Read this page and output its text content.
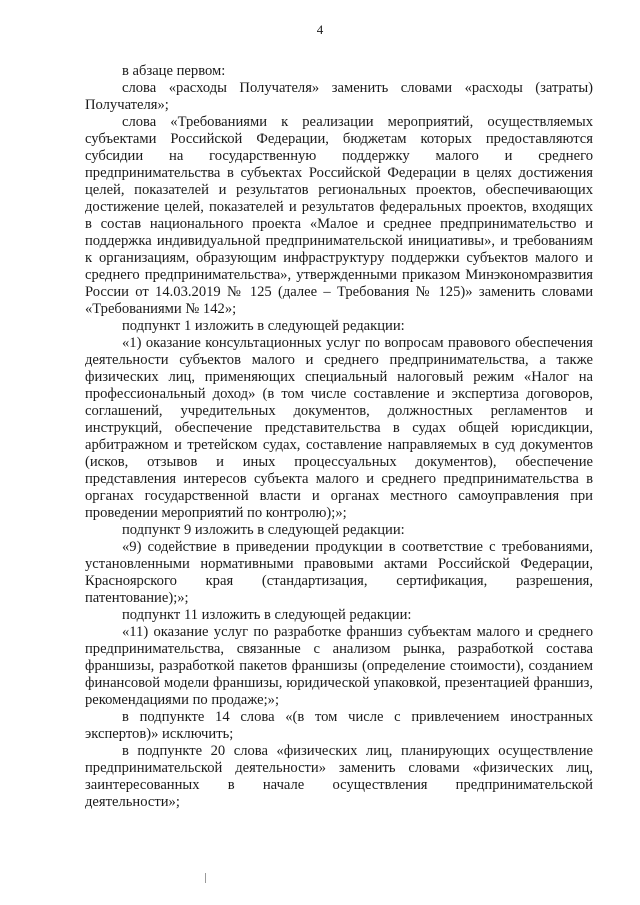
4

в абзаце первом:

слова «расходы Получателя» заменить словами «расходы (затраты) Получателя»;

слова «Требованиями к реализации мероприятий, осуществляемых субъектами Российской Федерации, бюджетам которых предоставляются субсидии на государственную поддержку малого и среднего предпринимательства в субъектах Российской Федерации в целях достижения целей, показателей и результатов региональных проектов, обеспечивающих достижение целей, показателей и результатов федеральных проектов, входящих в состав национального проекта «Малое и среднее предпринимательство и поддержка индивидуальной предпринимательской инициативы», и требованиям к организациям, образующим инфраструктуру поддержки субъектов малого и среднего предпринимательства», утвержденными приказом Минэкономразвития России от 14.03.2019 № 125 (далее – Требования № 125)» заменить словами «Требованиями № 142»;

подпункт 1 изложить в следующей редакции:

«1) оказание консультационных услуг по вопросам правового обеспечения деятельности субъектов малого и среднего предпринимательства, а также физических лиц, применяющих специальный налоговый режим «Налог на профессиональный доход» (в том числе составление и экспертиза договоров, соглашений, учредительных документов, должностных регламентов и инструкций, обеспечение представительства в судах общей юрисдикции, арбитражном и третейском судах, составление направляемых в суд документов (исков, отзывов и иных процессуальных документов), обеспечение представления интересов субъекта малого и среднего предпринимательства в органах государственной власти и органах местного самоуправления при проведении мероприятий по контролю);»;

подпункт 9 изложить в следующей редакции:

«9) содействие в приведении продукции в соответствие с требованиями, установленными нормативными правовыми актами Российской Федерации, Красноярского края (стандартизация, сертификация, разрешения, патентование);»;

подпункт 11 изложить в следующей редакции:

«11) оказание услуг по разработке франшиз субъектам малого и среднего предпринимательства, связанные с анализом рынка, разработкой состава франшизы, разработкой пакетов франшизы (определение стоимости), созданием финансовой модели франшизы, юридической упаковкой, презентацией франшиз, рекомендациями по продаже;»;

в подпункте 14 слова «(в том числе с привлечением иностранных экспертов)» исключить;

в подпункте 20 слова «физических лиц, планирующих осуществление предпринимательской деятельности» заменить словами «физических лиц, заинтересованных в начале осуществления предпринимательской деятельности»;
